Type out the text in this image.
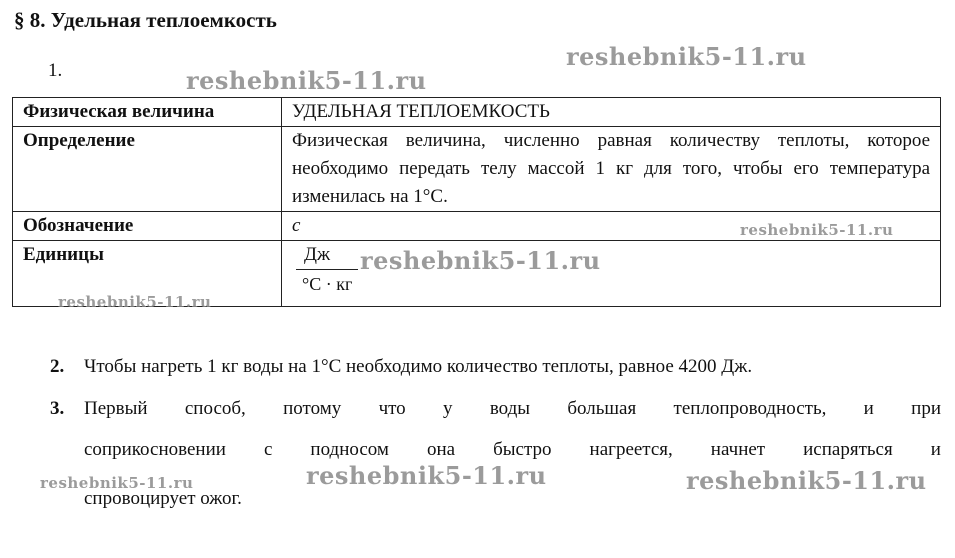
§ 8. Удельная теплоемкость
1.
Физическая величина	УДЕЛЬНАЯ ТЕПЛОЕМКОСТЬ
Определение	Физическая величина, численно равная количеству теплоты, которое необходимо передать телу массой 1 кг для того, чтобы его температура изменилась на 1°С.
Обозначение	c
Единицы	$\frac{Дж}{^\circ С \cdot кг}$
2. Чтобы нагреть 1 кг воды на 1°С необходимо количество теплоты, равное 4200 Дж.
3. Первый способ, потому что у воды большая теплопроводность, и при
соприкосновении с подносом она быстро нагреется, начнет испаряться и
спровоцирует ожог.
reshebnik5-11.ru
reshebnik5-11.ru
reshebnik5-11.ru
reshebnik5-11.ru
reshebnik5-11.ru
reshebnik5-11.ru	reshebnik5-11.ru
reshebnik5-11.ru
